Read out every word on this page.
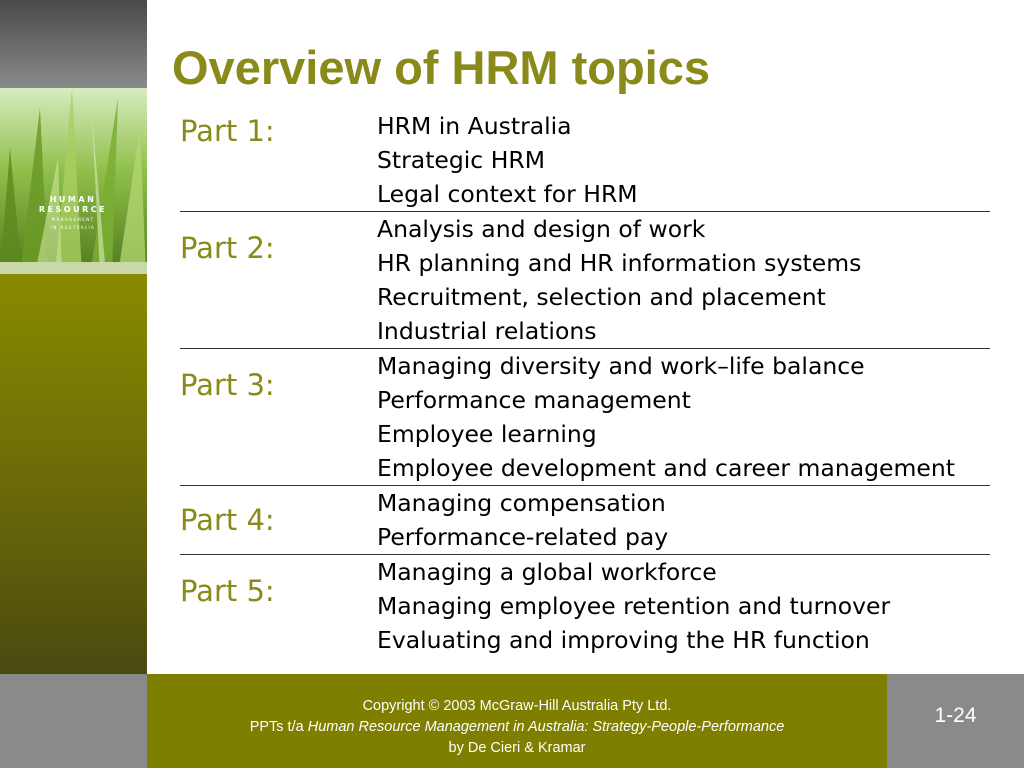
HUMAN
RESOURCE
MANAGEMENT
IN AUSTRALIA
Overview of HRM topics
Part 1:	HRM in Australia
Strategic HRM
Legal context for HRM
Part 2:
Analysis and design of work
HR planning and HR information systems
Recruitment, selection and placement
Industrial relations
Part 3:
Managing diversity and work–life balance
Performance management
Employee learning
Employee development and career management
Part 4:	Managing compensation
Performance-related pay
Part 5:
Managing a global workforce
Managing employee retention and turnover
Evaluating and improving the HR function
Copyright © 2003 McGraw-Hill Australia Pty Ltd.
PPTs t/a Human Resource Management in Australia: Strategy-People-Performance
by De Cieri & Kramar
1-24
